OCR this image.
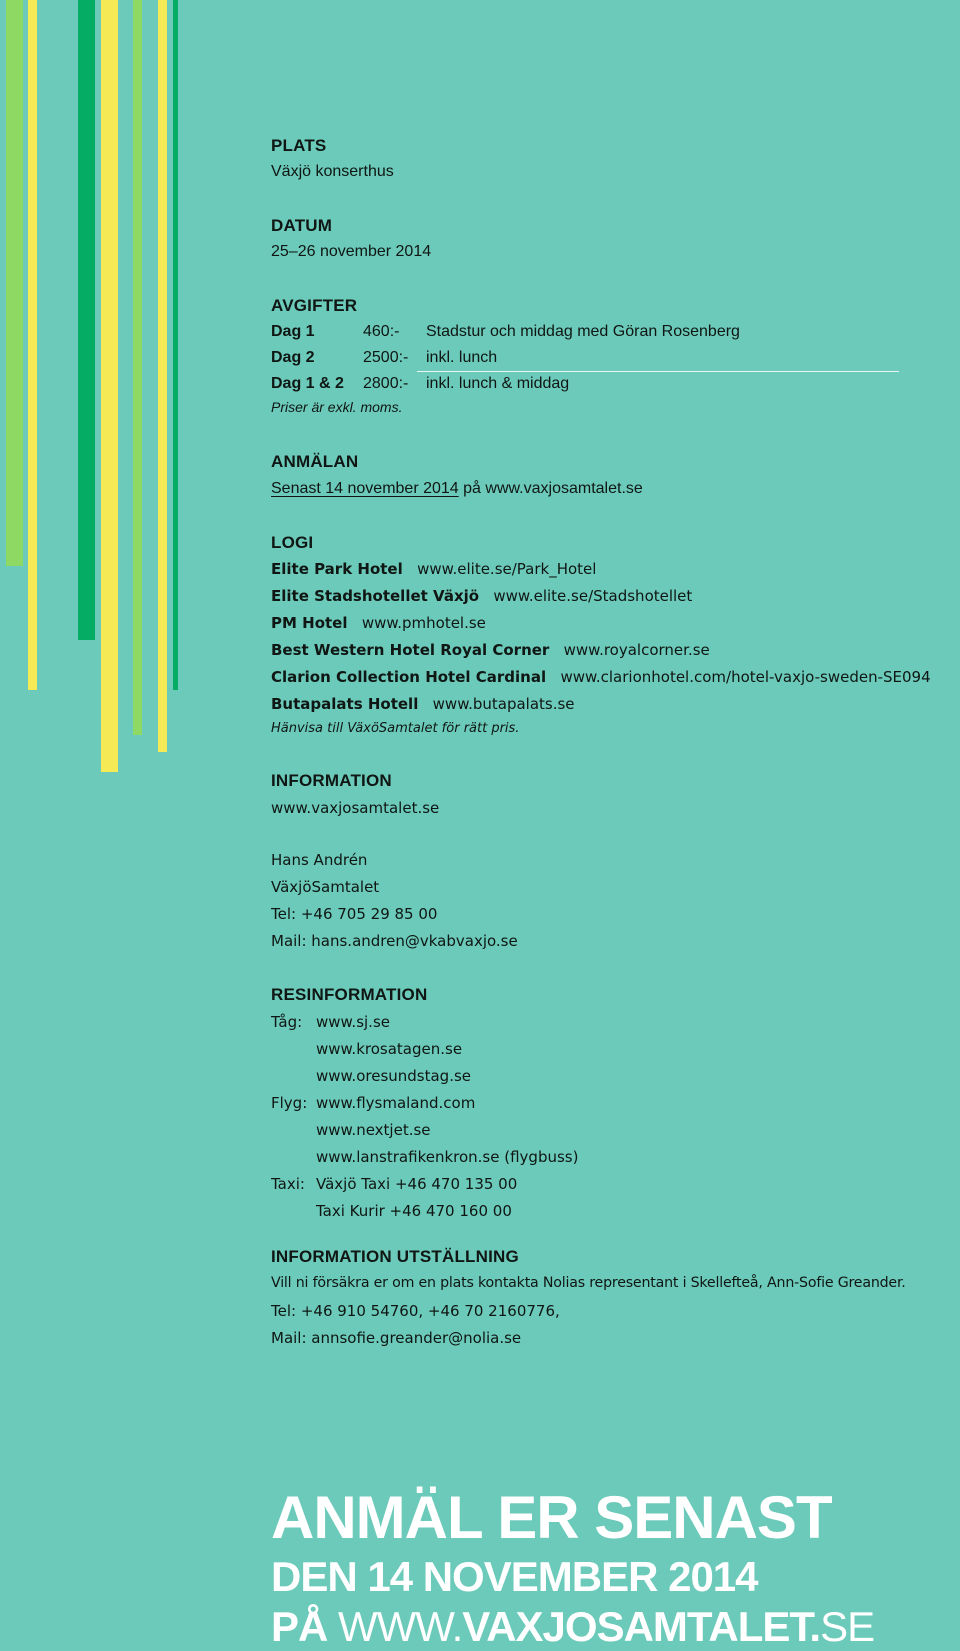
PLATS
Växjö konserthus
DATUM
25–26 november 2014
AVGIFTER
Dag 1	460:- Stadstur och middag med Göran Rosenberg
Dag 2	2500:- inkl. lunch
Dag 1 & 2 2800:- inkl. lunch & middag
Priser är exkl. moms.
ANMÄLAN
Senast 14 november 2014 på www.vaxjosamtalet.se
LOGI
Elite Park Hotel www.elite.se/Park_Hotel
Elite Stadshotellet Växjö www.elite.se/Stadshotellet
PM Hotel www.pmhotel.se
Best Western Hotel Royal Corner www.royalcorner.se
Clarion Collection Hotel Cardinal www.clarionhotel.com/hotel-vaxjo-sweden-SE094
Butapalats Hotell www.butapalats.se
Hänvisa till VäxöSamtalet för rätt pris.
INFORMATION
www.vaxjosamtalet.se
Hans Andrén
VäxjöSamtalet
Tel: +46 705 29 85 00
Mail: hans.andren@vkabvaxjo.se
RESINFORMATION
Tåg: www.sj.se
www.krosatagen.se
www.oresundstag.se
Flyg: www.flysmaland.com
www.nextjet.se
www.lanstrafikenkron.se (flygbuss)
Taxi: Växjö Taxi +46 470 135 00
Taxi Kurir +46 470 160 00
INFORMATION UTSTÄLLNING
Vill ni försäkra er om en plats kontakta Nolias representant i Skellefteå, Ann-Sofie Greander.
Tel: +46 910 54760, +46 70 2160776,
Mail: annsofie.greander@nolia.se
ANMÄL ER SENAST
DEN 14 NOVEMBER 2014
PÅ WWW.VAXJOSAMTALET.SE
